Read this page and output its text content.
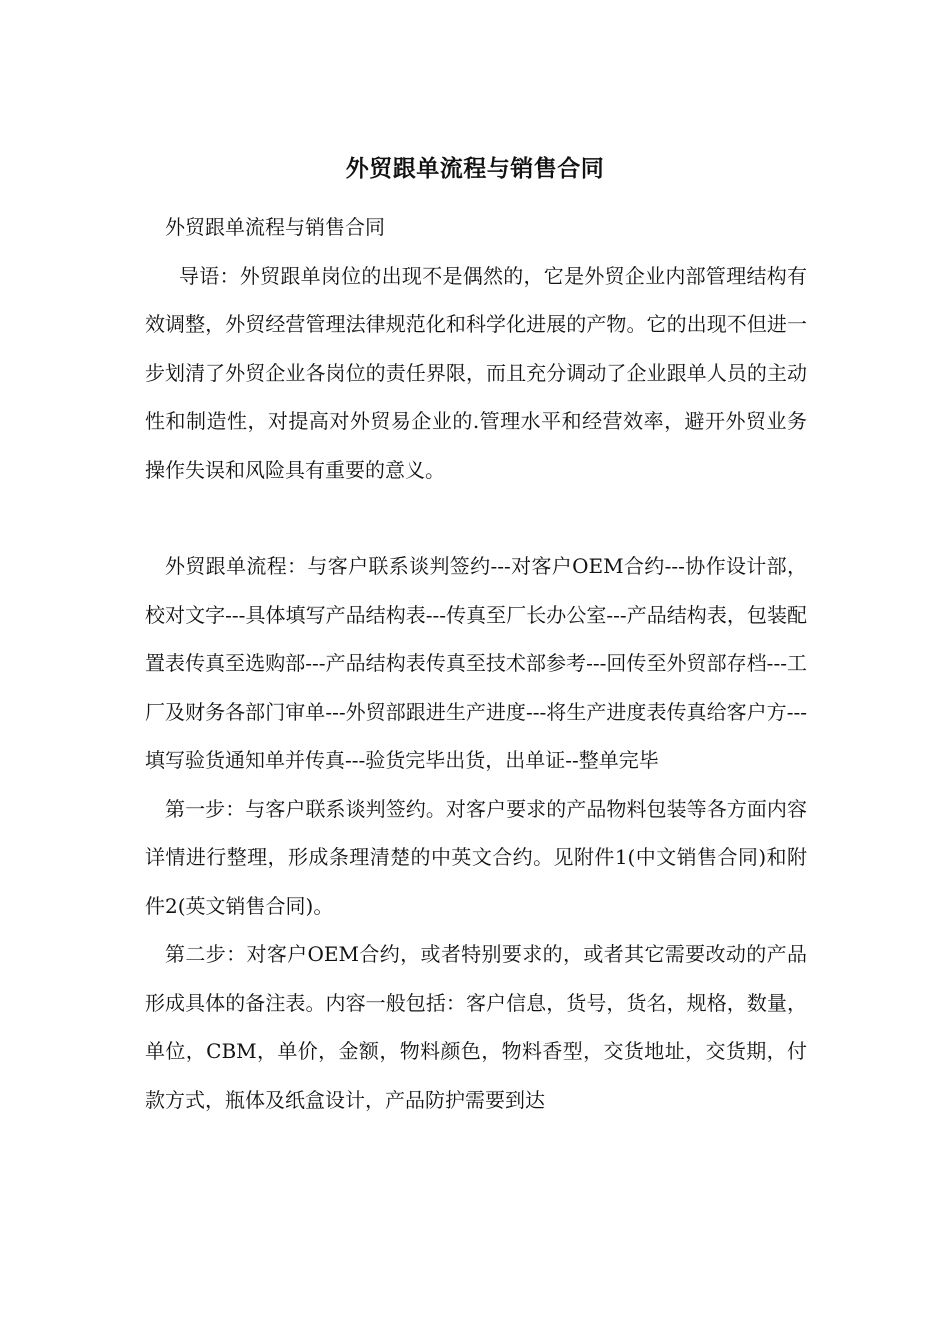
外贸跟单流程与销售合同

外贸跟单流程与销售合同

导语：外贸跟单岗位的出现不是偶然的，它是外贸企业内部管理结构有效调整，外贸经营管理法律规范化和科学化进展的产物。它的出现不但进一步划清了外贸企业各岗位的责任界限，而且充分调动了企业跟单人员的主动性和制造性，对提高对外贸易企业的.管理水平和经营效率，避开外贸业务操作失误和风险具有重要的意义。

外贸跟单流程：与客户联系谈判签约---对客户OEM合约---协作设计部，校对文字---具体填写产品结构表---传真至厂长办公室---产品结构表，包装配置表传真至选购部---产品结构表传真至技术部参考---回传至外贸部存档---工厂及财务各部门审单---外贸部跟进生产进度---将生产进度表传真给客户方---填写验货通知单并传真---验货完毕出货，出单证--整单完毕

第一步：与客户联系谈判签约。对客户要求的产品物料包装等各方面内容详情进行整理，形成条理清楚的中英文合约。见附件1(中文销售合同)和附件2(英文销售合同)。

第二步：对客户OEM合约，或者特别要求的，或者其它需要改动的产品形成具体的备注表。内容一般包括：客户信息，货号，货名，规格，数量，单位，CBM，单价，金额，物料颜色，物料香型，交货地址，交货期，付款方式，瓶体及纸盒设计，产品防护需要到达
